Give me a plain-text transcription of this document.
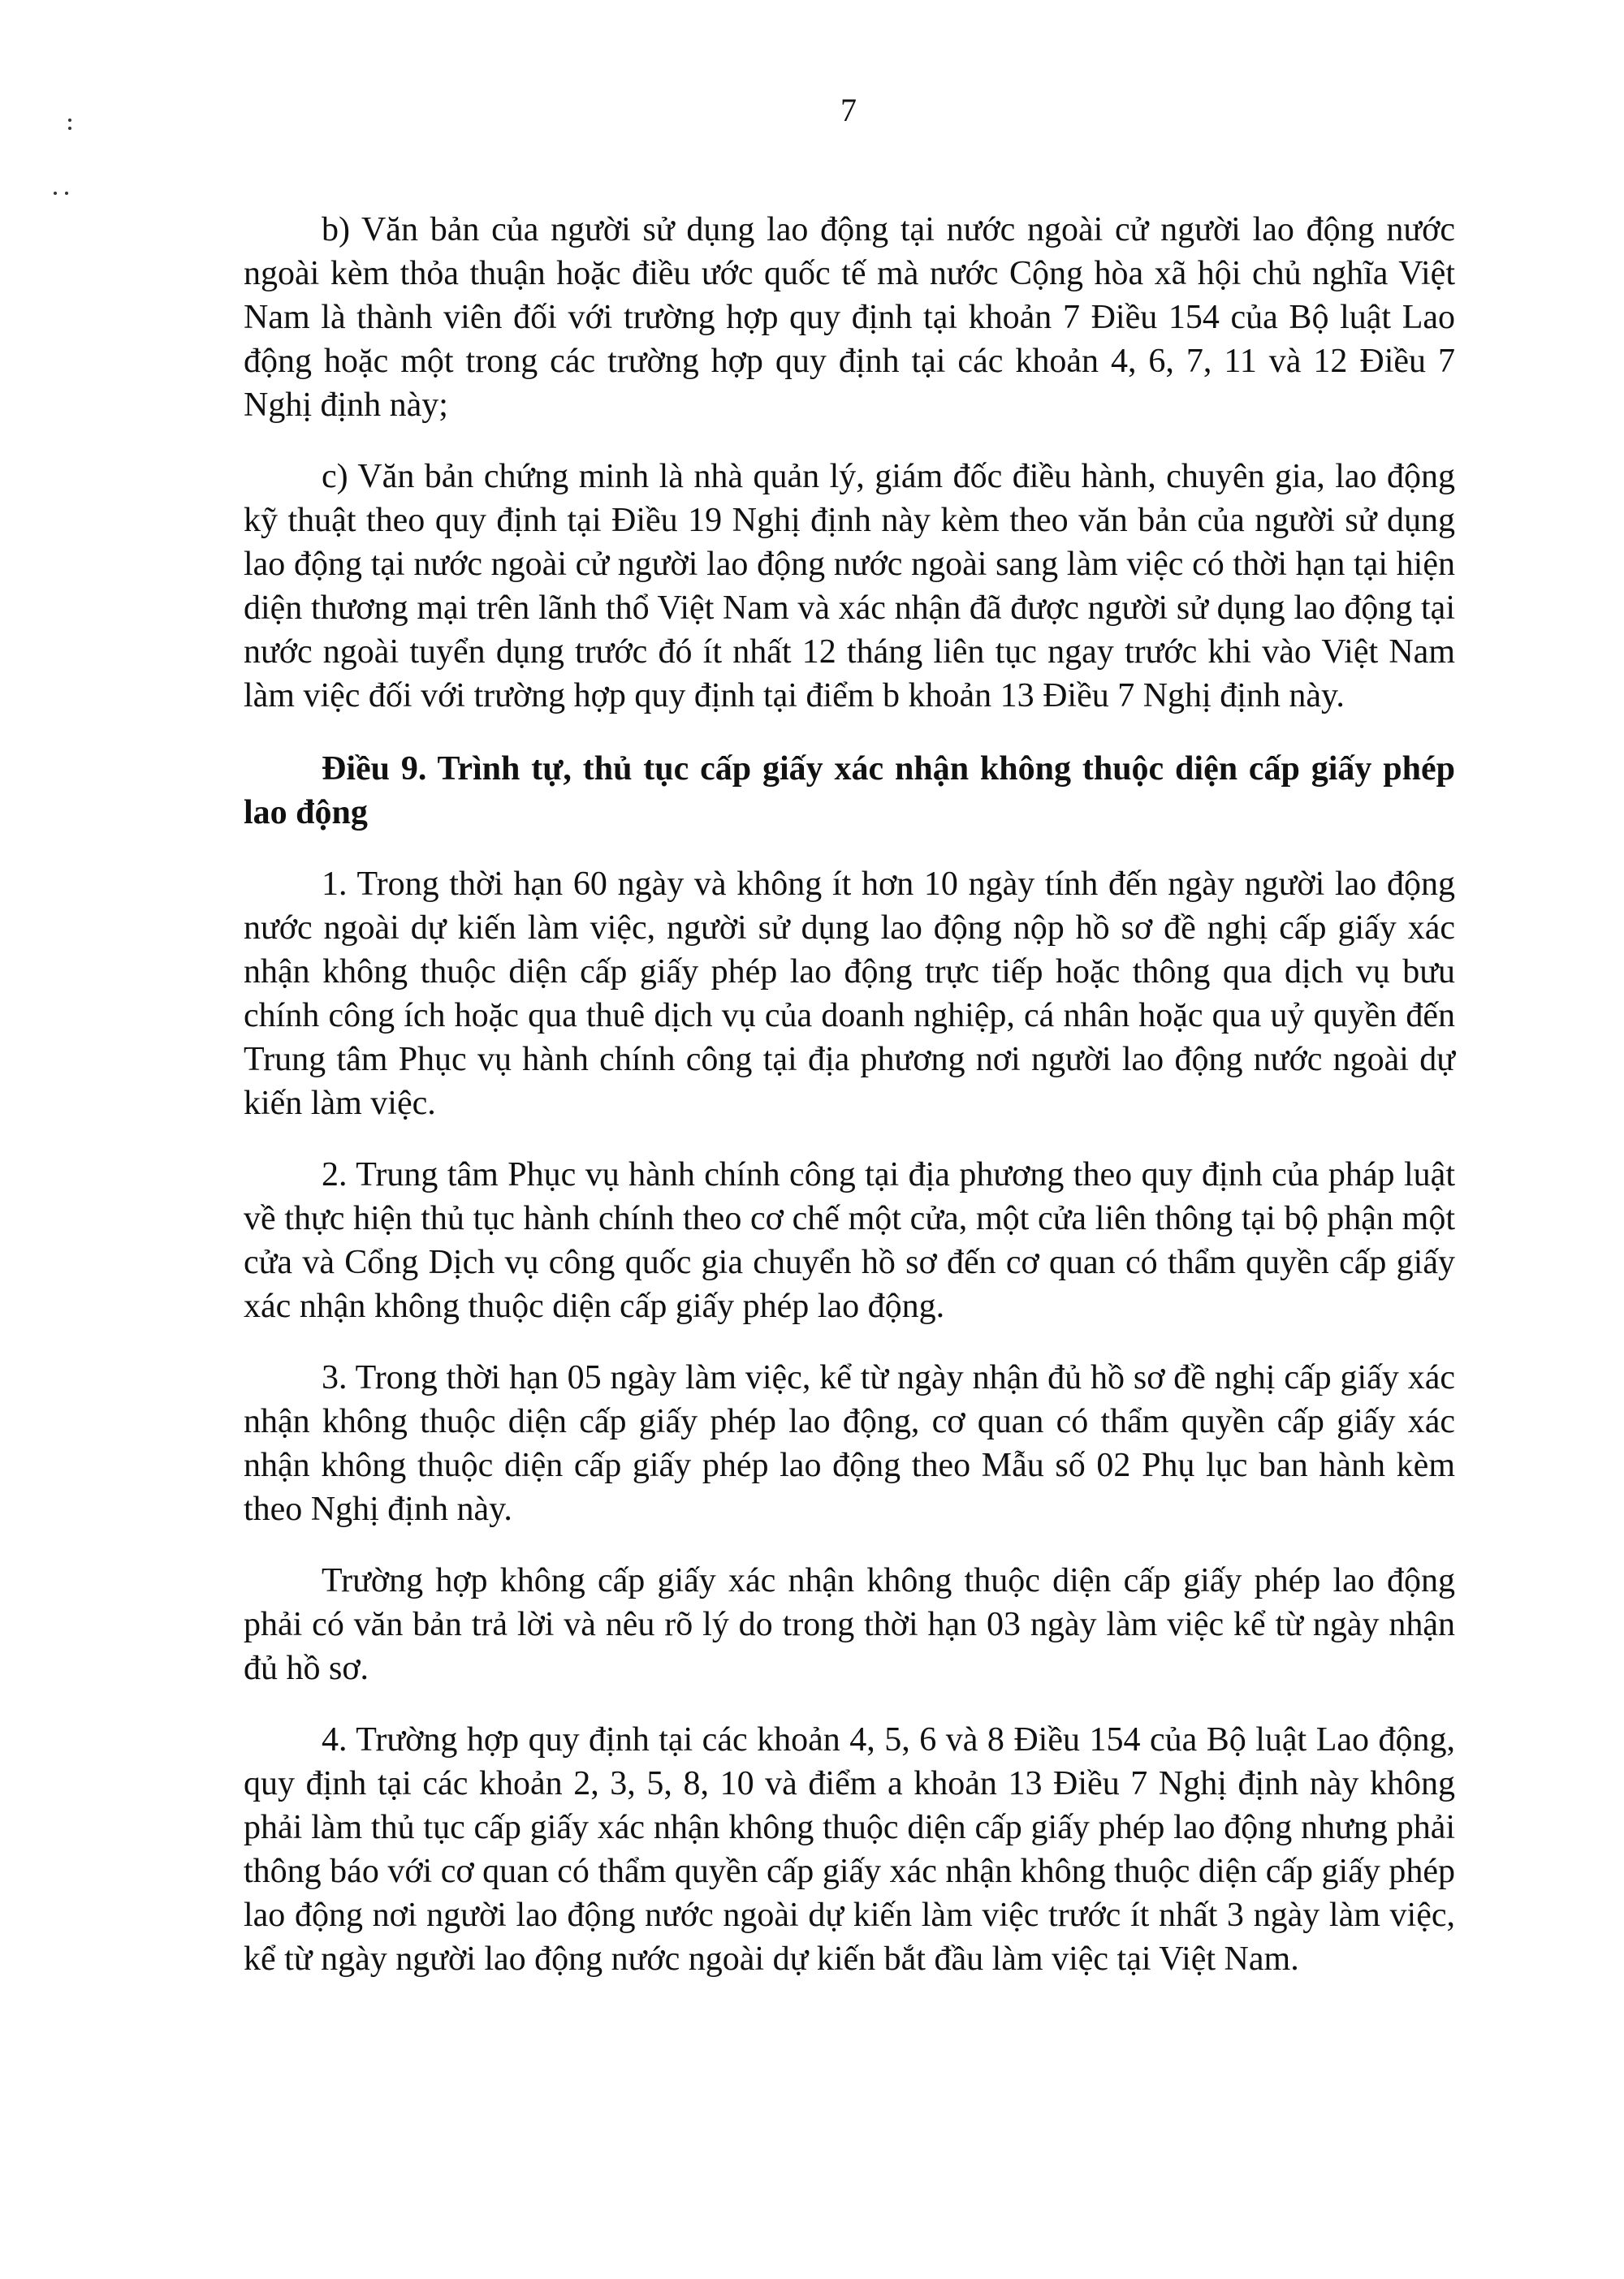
7

b) Văn bản của người sử dụng lao động tại nước ngoài cử người lao động nước ngoài kèm thỏa thuận hoặc điều ước quốc tế mà nước Cộng hòa xã hội chủ nghĩa Việt Nam là thành viên đối với trường hợp quy định tại khoản 7 Điều 154 của Bộ luật Lao động hoặc một trong các trường hợp quy định tại các khoản 4, 6, 7, 11 và 12 Điều 7 Nghị định này;

c) Văn bản chứng minh là nhà quản lý, giám đốc điều hành, chuyên gia, lao động kỹ thuật theo quy định tại Điều 19 Nghị định này kèm theo văn bản của người sử dụng lao động tại nước ngoài cử người lao động nước ngoài sang làm việc có thời hạn tại hiện diện thương mại trên lãnh thổ Việt Nam và xác nhận đã được người sử dụng lao động tại nước ngoài tuyển dụng trước đó ít nhất 12 tháng liên tục ngay trước khi vào Việt Nam làm việc đối với trường hợp quy định tại điểm b khoản 13 Điều 7 Nghị định này.

Điều 9. Trình tự, thủ tục cấp giấy xác nhận không thuộc diện cấp giấy phép lao động

1. Trong thời hạn 60 ngày và không ít hơn 10 ngày tính đến ngày người lao động nước ngoài dự kiến làm việc, người sử dụng lao động nộp hồ sơ đề nghị cấp giấy xác nhận không thuộc diện cấp giấy phép lao động trực tiếp hoặc thông qua dịch vụ bưu chính công ích hoặc qua thuê dịch vụ của doanh nghiệp, cá nhân hoặc qua uỷ quyền đến Trung tâm Phục vụ hành chính công tại địa phương nơi người lao động nước ngoài dự kiến làm việc.

2. Trung tâm Phục vụ hành chính công tại địa phương theo quy định của pháp luật về thực hiện thủ tục hành chính theo cơ chế một cửa, một cửa liên thông tại bộ phận một cửa và Cổng Dịch vụ công quốc gia chuyển hồ sơ đến cơ quan có thẩm quyền cấp giấy xác nhận không thuộc diện cấp giấy phép lao động.

3. Trong thời hạn 05 ngày làm việc, kể từ ngày nhận đủ hồ sơ đề nghị cấp giấy xác nhận không thuộc diện cấp giấy phép lao động, cơ quan có thẩm quyền cấp giấy xác nhận không thuộc diện cấp giấy phép lao động theo Mẫu số 02 Phụ lục ban hành kèm theo Nghị định này.

Trường hợp không cấp giấy xác nhận không thuộc diện cấp giấy phép lao động phải có văn bản trả lời và nêu rõ lý do trong thời hạn 03 ngày làm việc kể từ ngày nhận đủ hồ sơ.

4. Trường hợp quy định tại các khoản 4, 5, 6 và 8 Điều 154 của Bộ luật Lao động, quy định tại các khoản 2, 3, 5, 8, 10 và điểm a khoản 13 Điều 7 Nghị định này không phải làm thủ tục cấp giấy xác nhận không thuộc diện cấp giấy phép lao động nhưng phải thông báo với cơ quan có thẩm quyền cấp giấy xác nhận không thuộc diện cấp giấy phép lao động nơi người lao động nước ngoài dự kiến làm việc trước ít nhất 3 ngày làm việc, kể từ ngày người lao động nước ngoài dự kiến bắt đầu làm việc tại Việt Nam.
